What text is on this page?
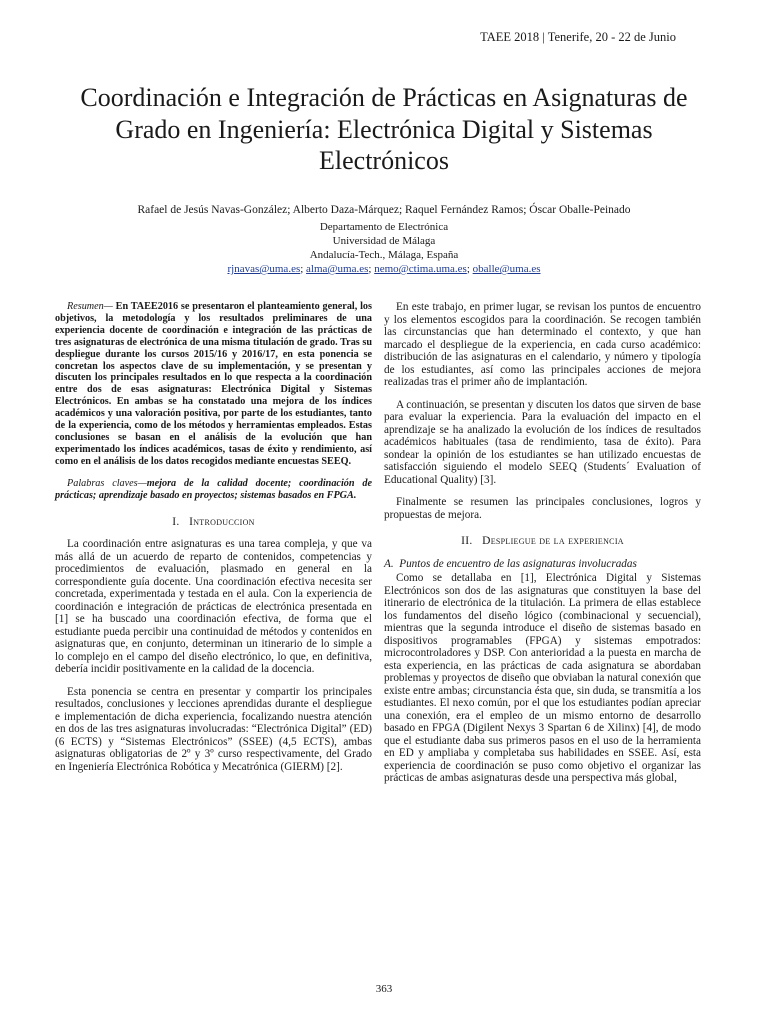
TAEE 2018 | Tenerife, 20 - 22 de Junio
Coordinación e Integración de Prácticas en Asignaturas de Grado en Ingeniería: Electrónica Digital y Sistemas Electrónicos
Rafael de Jesús Navas-González; Alberto Daza-Márquez; Raquel Fernández Ramos; Óscar Oballe-Peinado
Departamento de Electrónica
Universidad de Málaga
Andalucía-Tech., Málaga, España
rjnavas@uma.es; alma@uma.es; nemo@ctima.uma.es; oballe@uma.es

Resumen— En TAEE2016 se presentaron el planteamiento general, los objetivos, la metodología y los resultados preliminares de una experiencia docente de coordinación e integración de las prácticas de tres asignaturas de electrónica de una misma titulación de grado. Tras su despliegue durante los cursos 2015/16 y 2016/17, en esta ponencia se concretan los aspectos clave de su implementación, y se presentan y discuten los principales resultados en lo que respecta a la coordinación entre dos de esas asignaturas: Electrónica Digital y Sistemas Electrónicos. En ambas se ha constatado una mejora de los índices académicos y una valoración positiva, por parte de los estudiantes, tanto de la experiencia, como de los métodos y herramientas empleados. Estas conclusiones se basan en el análisis de la evolución que han experimentado los índices académicos, tasas de éxito y rendimiento, así como en el análisis de los datos recogidos mediante encuestas SEEQ.

Palabras claves—mejora de la calidad docente; coordinación de prácticas; aprendizaje basado en proyectos; sistemas basados en FPGA.

I. Introduccion

La coordinación entre asignaturas es una tarea compleja, y que va más allá de un acuerdo de reparto de contenidos, competencias y procedimientos de evaluación, plasmado en general en la correspondiente guía docente. Una coordinación efectiva necesita ser concretada, experimentada y testada en el aula. Con la experiencia de coordinación e integración de prácticas de electrónica presentada en [1] se ha buscado una coordinación efectiva, de forma que el estudiante pueda percibir una continuidad de métodos y contenidos en asignaturas que, en conjunto, determinan un itinerario de lo simple a lo complejo en el campo del diseño electrónico, lo que, en definitiva, debería incidir positivamente en la calidad de la docencia.

Esta ponencia se centra en presentar y compartir los principales resultados, conclusiones y lecciones aprendidas durante el despliegue e implementación de dicha experiencia, focalizando nuestra atención en dos de las tres asignaturas involucradas: “Electrónica Digital” (ED) (6 ECTS) y “Sistemas Electrónicos” (SSEE) (4,5 ECTS), ambas asignaturas obligatorias de 2º y 3º curso respectivamente, del Grado en Ingeniería Electrónica Robótica y Mecatrónica (GIERM) [2].

En este trabajo, en primer lugar, se revisan los puntos de encuentro y los elementos escogidos para la coordinación. Se recogen también las circunstancias que han determinado el contexto, y que han marcado el despliegue de la experiencia, en cada curso académico: distribución de las asignaturas en el calendario, y número y tipología de los estudiantes, así como las principales acciones de mejora realizadas tras el primer año de implantación.

A continuación, se presentan y discuten los datos que sirven de base para evaluar la experiencia. Para la evaluación del impacto en el aprendizaje se ha analizado la evolución de los índices de resultados académicos habituales (tasa de rendimiento, tasa de éxito). Para sondear la opinión de los estudiantes se han utilizado encuestas de satisfacción siguiendo el modelo SEEQ (Students´ Evaluation of Educational Quality) [3].

Finalmente se resumen las principales conclusiones, logros y propuestas de mejora.

II. Despliegue de la experiencia
A. Puntos de encuentro de las asignaturas involucradas

Como se detallaba en [1], Electrónica Digital y Sistemas Electrónicos son dos de las asignaturas que constituyen la base del itinerario de electrónica de la titulación. La primera de ellas establece los fundamentos del diseño lógico (combinacional y secuencial), mientras que la segunda introduce el diseño de sistemas basado en dispositivos programables (FPGA) y sistemas empotrados: microcontroladores y DSP. Con anterioridad a la puesta en marcha de esta experiencia, en las prácticas de cada asignatura se abordaban problemas y proyectos de diseño que obviaban la natural conexión que existe entre ambas; circunstancia ésta que, sin duda, se transmitía a los estudiantes. El nexo común, por el que los estudiantes podían apreciar una conexión, era el empleo de un mismo entorno de desarrollo basado en FPGA (Digilent Nexys 3 Spartan 6 de Xilinx) [4], de modo que el estudiante daba sus primeros pasos en el uso de la herramienta en ED y ampliaba y completaba sus habilidades en SSEE. Así, esta experiencia de coordinación se puso como objetivo el organizar las prácticas de ambas asignaturas desde una perspectiva más global,

363
